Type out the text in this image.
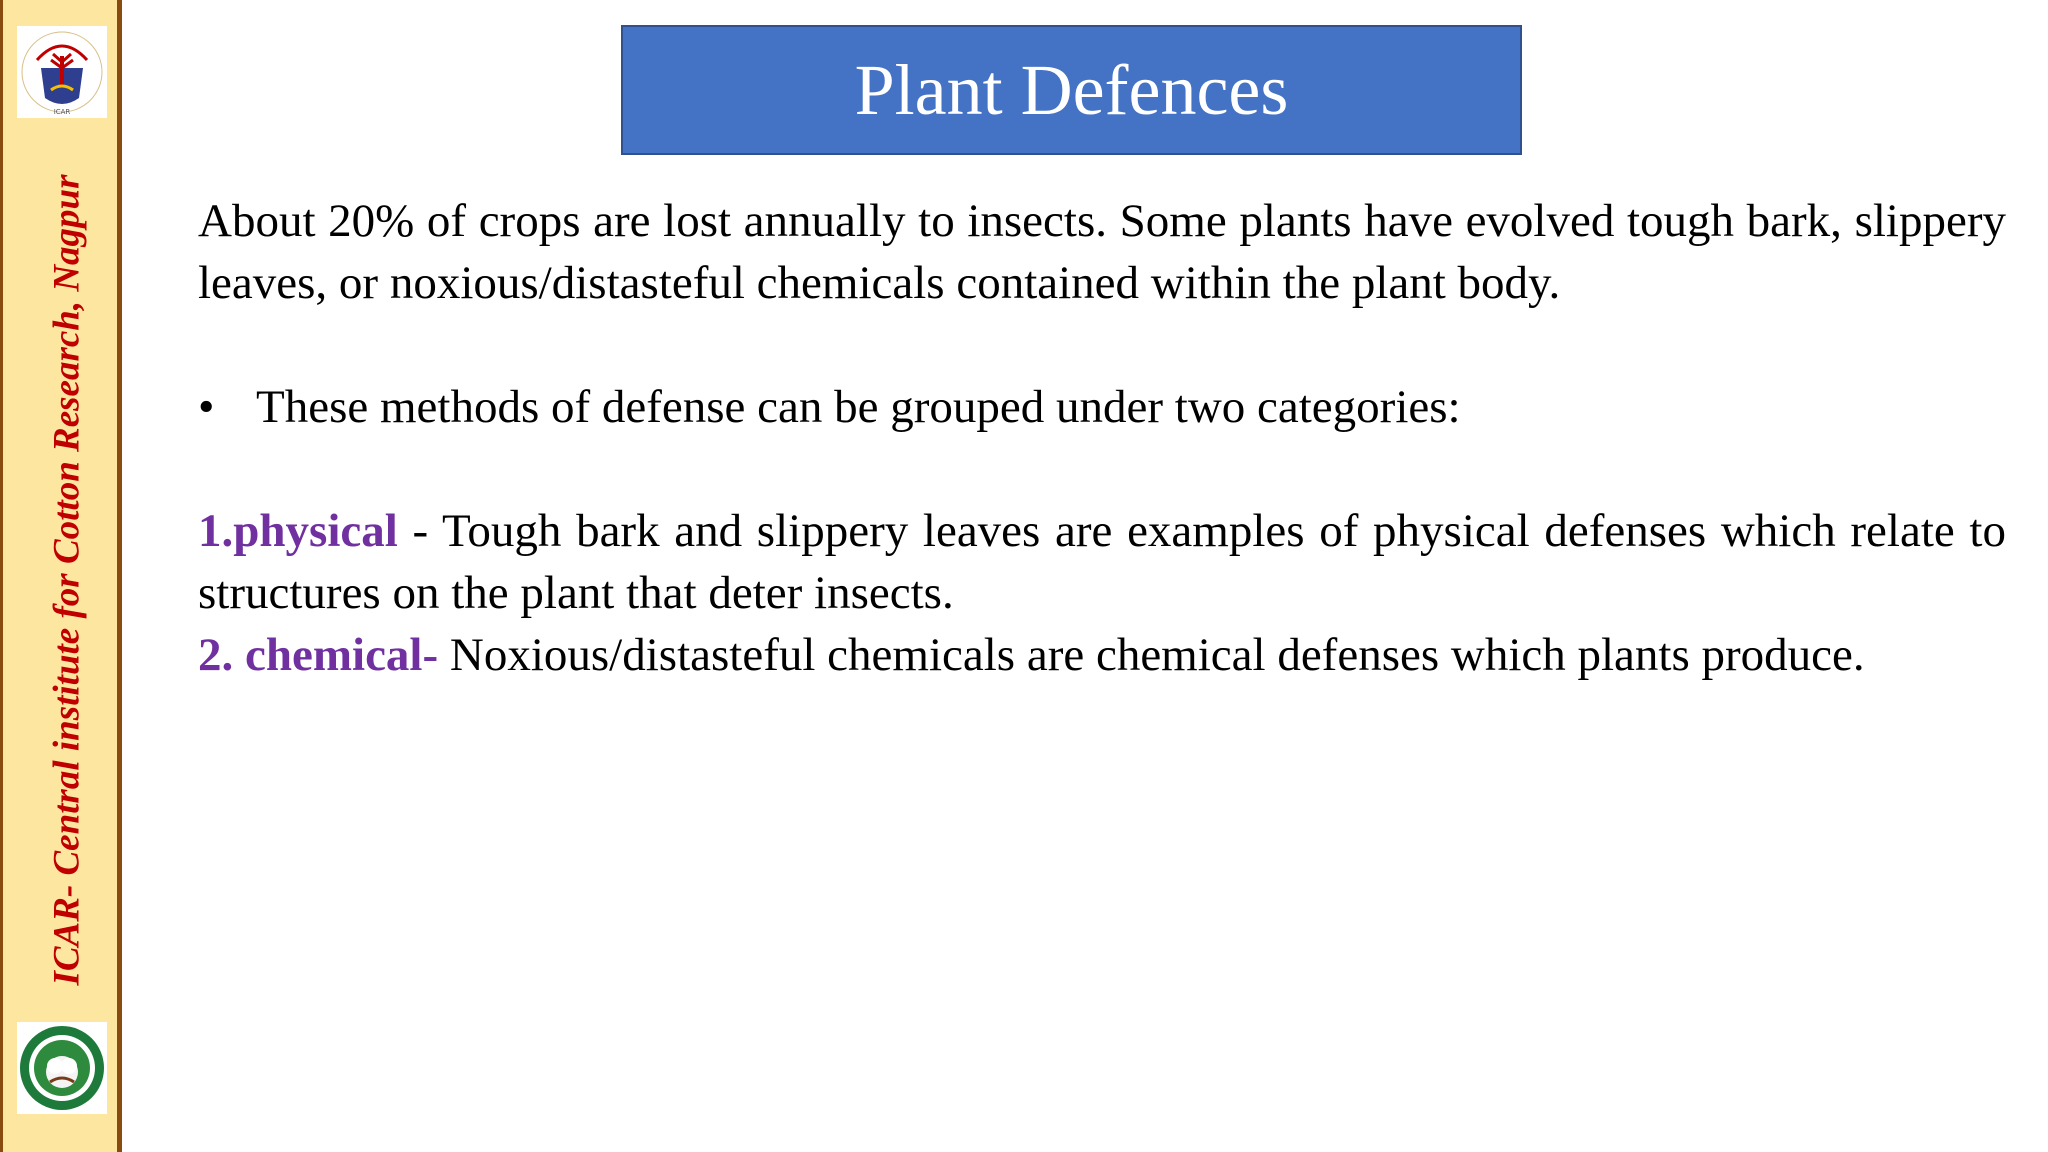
ICAR
ICAR- Central institute for Cotton Research, Nagpur
Plant Defences

About 20% of crops are lost annually to insects. Some plants have evolved tough bark, slippery leaves, or noxious/distasteful chemicals contained within the plant body.

• These methods of defense can be grouped under two categories:

1.physical - Tough bark and slippery leaves are examples of physical defenses which relate to structures on the plant that deter insects.

2. chemical- Noxious/distasteful chemicals are chemical defenses which plants produce.
